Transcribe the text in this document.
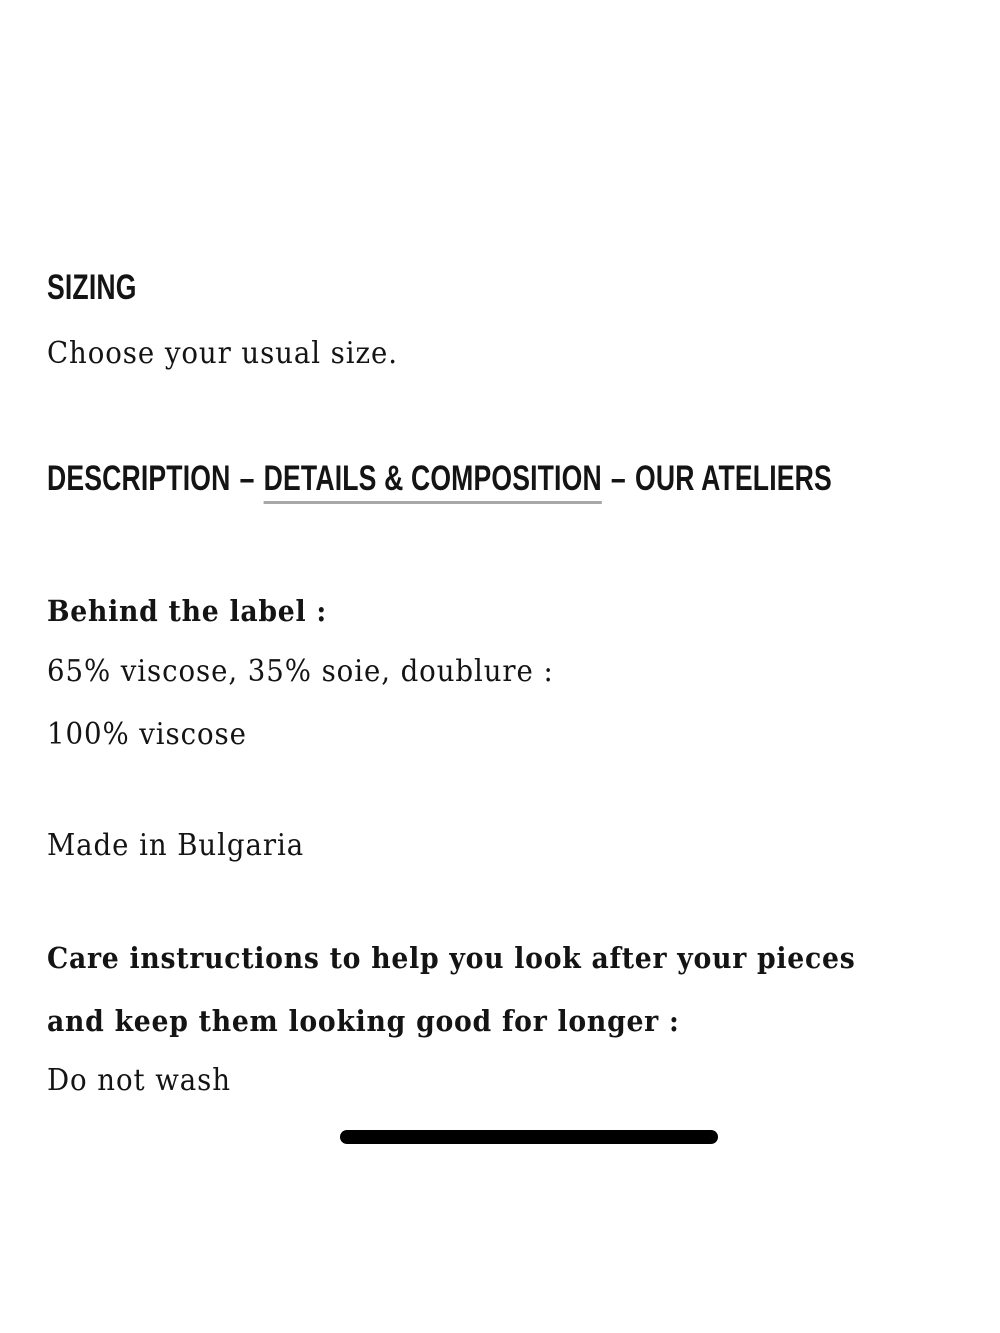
SIZING
Choose your usual size.
DESCRIPTION – DETAILS & COMPOSITION – OUR ATELIERS
Behind the label :
65% viscose, 35% soie, doublure :
100% viscose
Made in Bulgaria
Care instructions to help you look after your pieces
and keep them looking good for longer :
Do not wash
